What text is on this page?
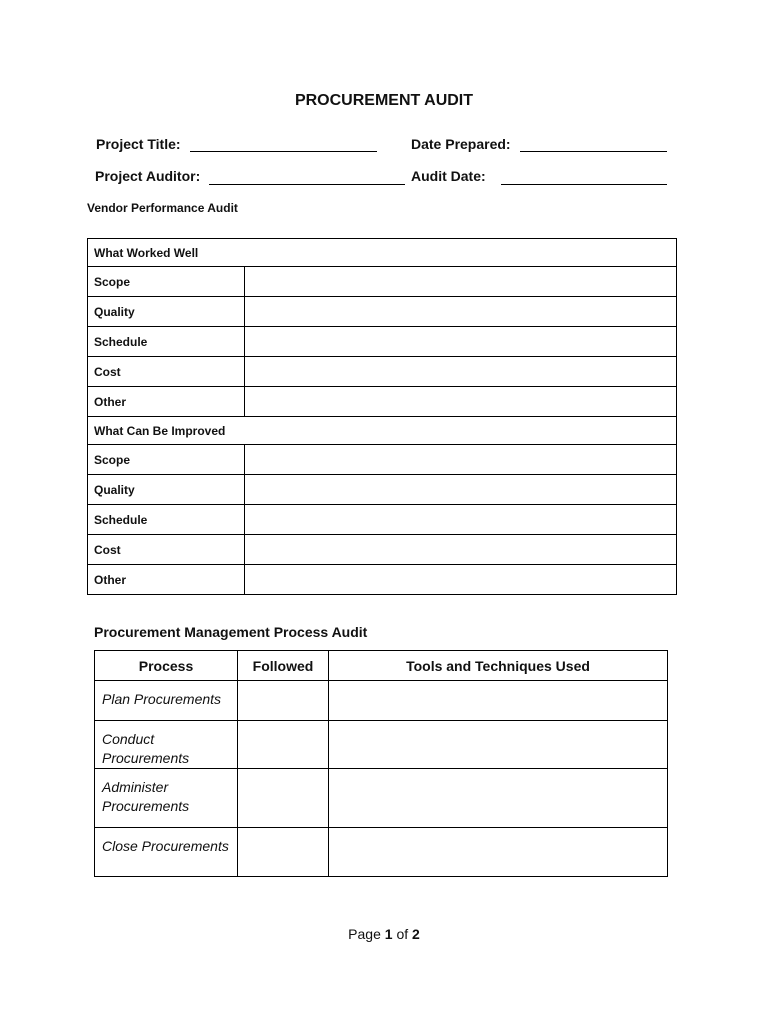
PROCUREMENT AUDIT
Project Title:	Date Prepared:
Project Auditor:	Audit Date:
Vendor Performance Audit
What Worked Well	
Scope	
Quality	
Schedule	
Cost	
Other	
What Can Be Improved	
Scope	
Quality	
Schedule	
Cost	
Other	
Procurement Management Process Audit
Process	Followed	Tools and Techniques Used
Plan Procurements		
Conduct Procurements		
Administer Procurements		
Close Procurements		
Page 1 of 2
